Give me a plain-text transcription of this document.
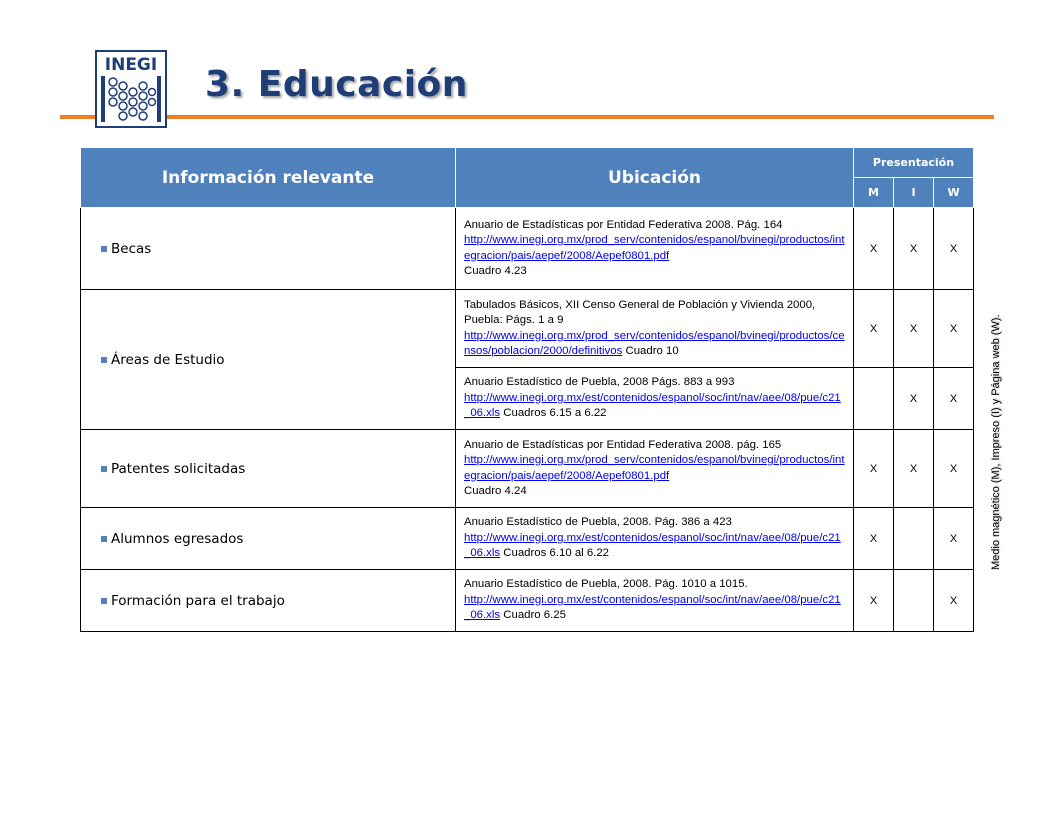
INEGI 3. Educación
Información relevante	Ubicación	Presentación		
		M	I	W
Becas	Anuario de Estadísticas por Entidad Federativa 2008. Pág. 164
http://www.inegi.org.mx/prod_serv/contenidos/espanol/bvinegi/productos/integracion/pais/aepef/2008/Aepef0801.pdf
Cuadro 4.23	X	X	X
Áreas de Estudio	Tabulados Básicos, XII Censo General de Población y Vivienda 2000, Puebla: Págs. 1 a 9
http://www.inegi.org.mx/prod_serv/contenidos/espanol/bvinegi/productos/censos/poblacion/2000/definitivos Cuadro 10	X	X	X
	Anuario Estadístico de Puebla, 2008 Págs. 883 a 993
http://www.inegi.org.mx/est/contenidos/espanol/soc/int/nav/aee/08/pue/c21_06.xls Cuadros 6.15 a 6.22		X	X
Patentes solicitadas	Anuario de Estadísticas por Entidad Federativa 2008. pág. 165
http://www.inegi.org.mx/prod_serv/contenidos/espanol/bvinegi/productos/integracion/pais/aepef/2008/Aepef0801.pdf
Cuadro 4.24	X	X	X
Alumnos egresados	Anuario Estadístico de Puebla, 2008. Pág. 386 a 423
http://www.inegi.org.mx/est/contenidos/espanol/soc/int/nav/aee/08/pue/c21_06.xls Cuadros 6.10 al 6.22	X		X
Formación para el trabajo	Anuario Estadístico de Puebla, 2008. Pág. 1010 a 1015.
http://www.inegi.org.mx/est/contenidos/espanol/soc/int/nav/aee/08/pue/c21_06.xls Cuadro 6.25	X		X
Medio magnético (M), Impreso (I) y Página web (W).
